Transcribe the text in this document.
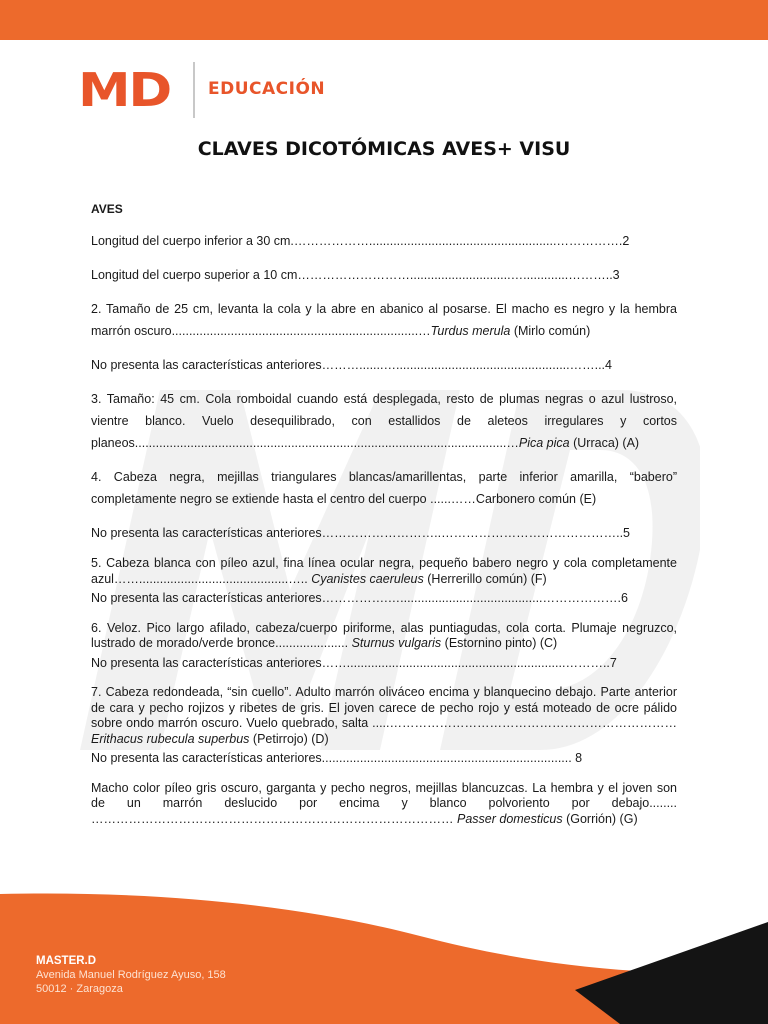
MD EDUCACIÓN
CLAVES DICOTÓMICAS AVES+ VISU
AVES

Longitud del cuerpo inferior a 30 cm.………………......................................................…………….2

Longitud del cuerpo superior a 10 cm……………………….............................….............………..3

2. Tamaño de 25 cm, levanta la cola y la abre en abanico al posarse. El macho es negro y la hembra marrón oscuro.......................................................................…Turdus merula (Mirlo común)

No presenta las características anteriores……….......…..................................................……...4

3. Tamaño: 45 cm. Cola romboidal cuando está desplegada, resto de plumas negras o azul lustroso, vientre blanco. Vuelo desequilibrado, con estallidos de aleteos irregulares y cortos planeos...........................................................................................................…Pica pica (Urraca) (A)

4. Cabeza negra, mejillas triangulares blancas/amarillentas, parte inferior amarilla, “babero” completamente negro se extiende hasta el centro del cuerpo ......……Carbonero común (E)

No presenta las características anteriores………………………..……………………………………..5

5. Cabeza blanca con píleo azul, fina línea ocular negra, pequeño babero negro y cola completamente azul……...........................................….. Cyanistes caeruleus (Herrerillo común) (F)

No presenta las características anteriores…………….….........................................……………….6

6. Veloz. Pico largo afilado, cabeza/cuerpo piriforme, alas puntiagudas, cola corta. Plumaje negruzco, lustrado de morado/verde bronce..................... Sturnus vulgaris (Estornino pinto) (C)

No presenta las características anteriores……...............................................................………..7

7. Cabeza redondeada, “sin cuello”. Adulto marrón oliváceo encima y blanquecino debajo. Parte anterior de cara y pecho rojizos y ribetes de gris. El joven carece de pecho rojo y está moteado de ocre pálido sobre ondo marrón oscuro. Vuelo quebrado, salta .....…………………………………………………………… Erithacus rubecula superbus (Petirrojo) (D)

No presenta las características anteriores........................................................................ 8

Macho color píleo gris oscuro, garganta y pecho negros, mejillas blancuzcas. La hembra y el joven son de un marrón deslucido por encima y blanco polvoriento por debajo........ …………………………………………………………………………… Passer domesticus (Gorrión) (G)

MASTER.D
Avenida Manuel Rodríguez Ayuso, 158
50012 · Zaragoza
